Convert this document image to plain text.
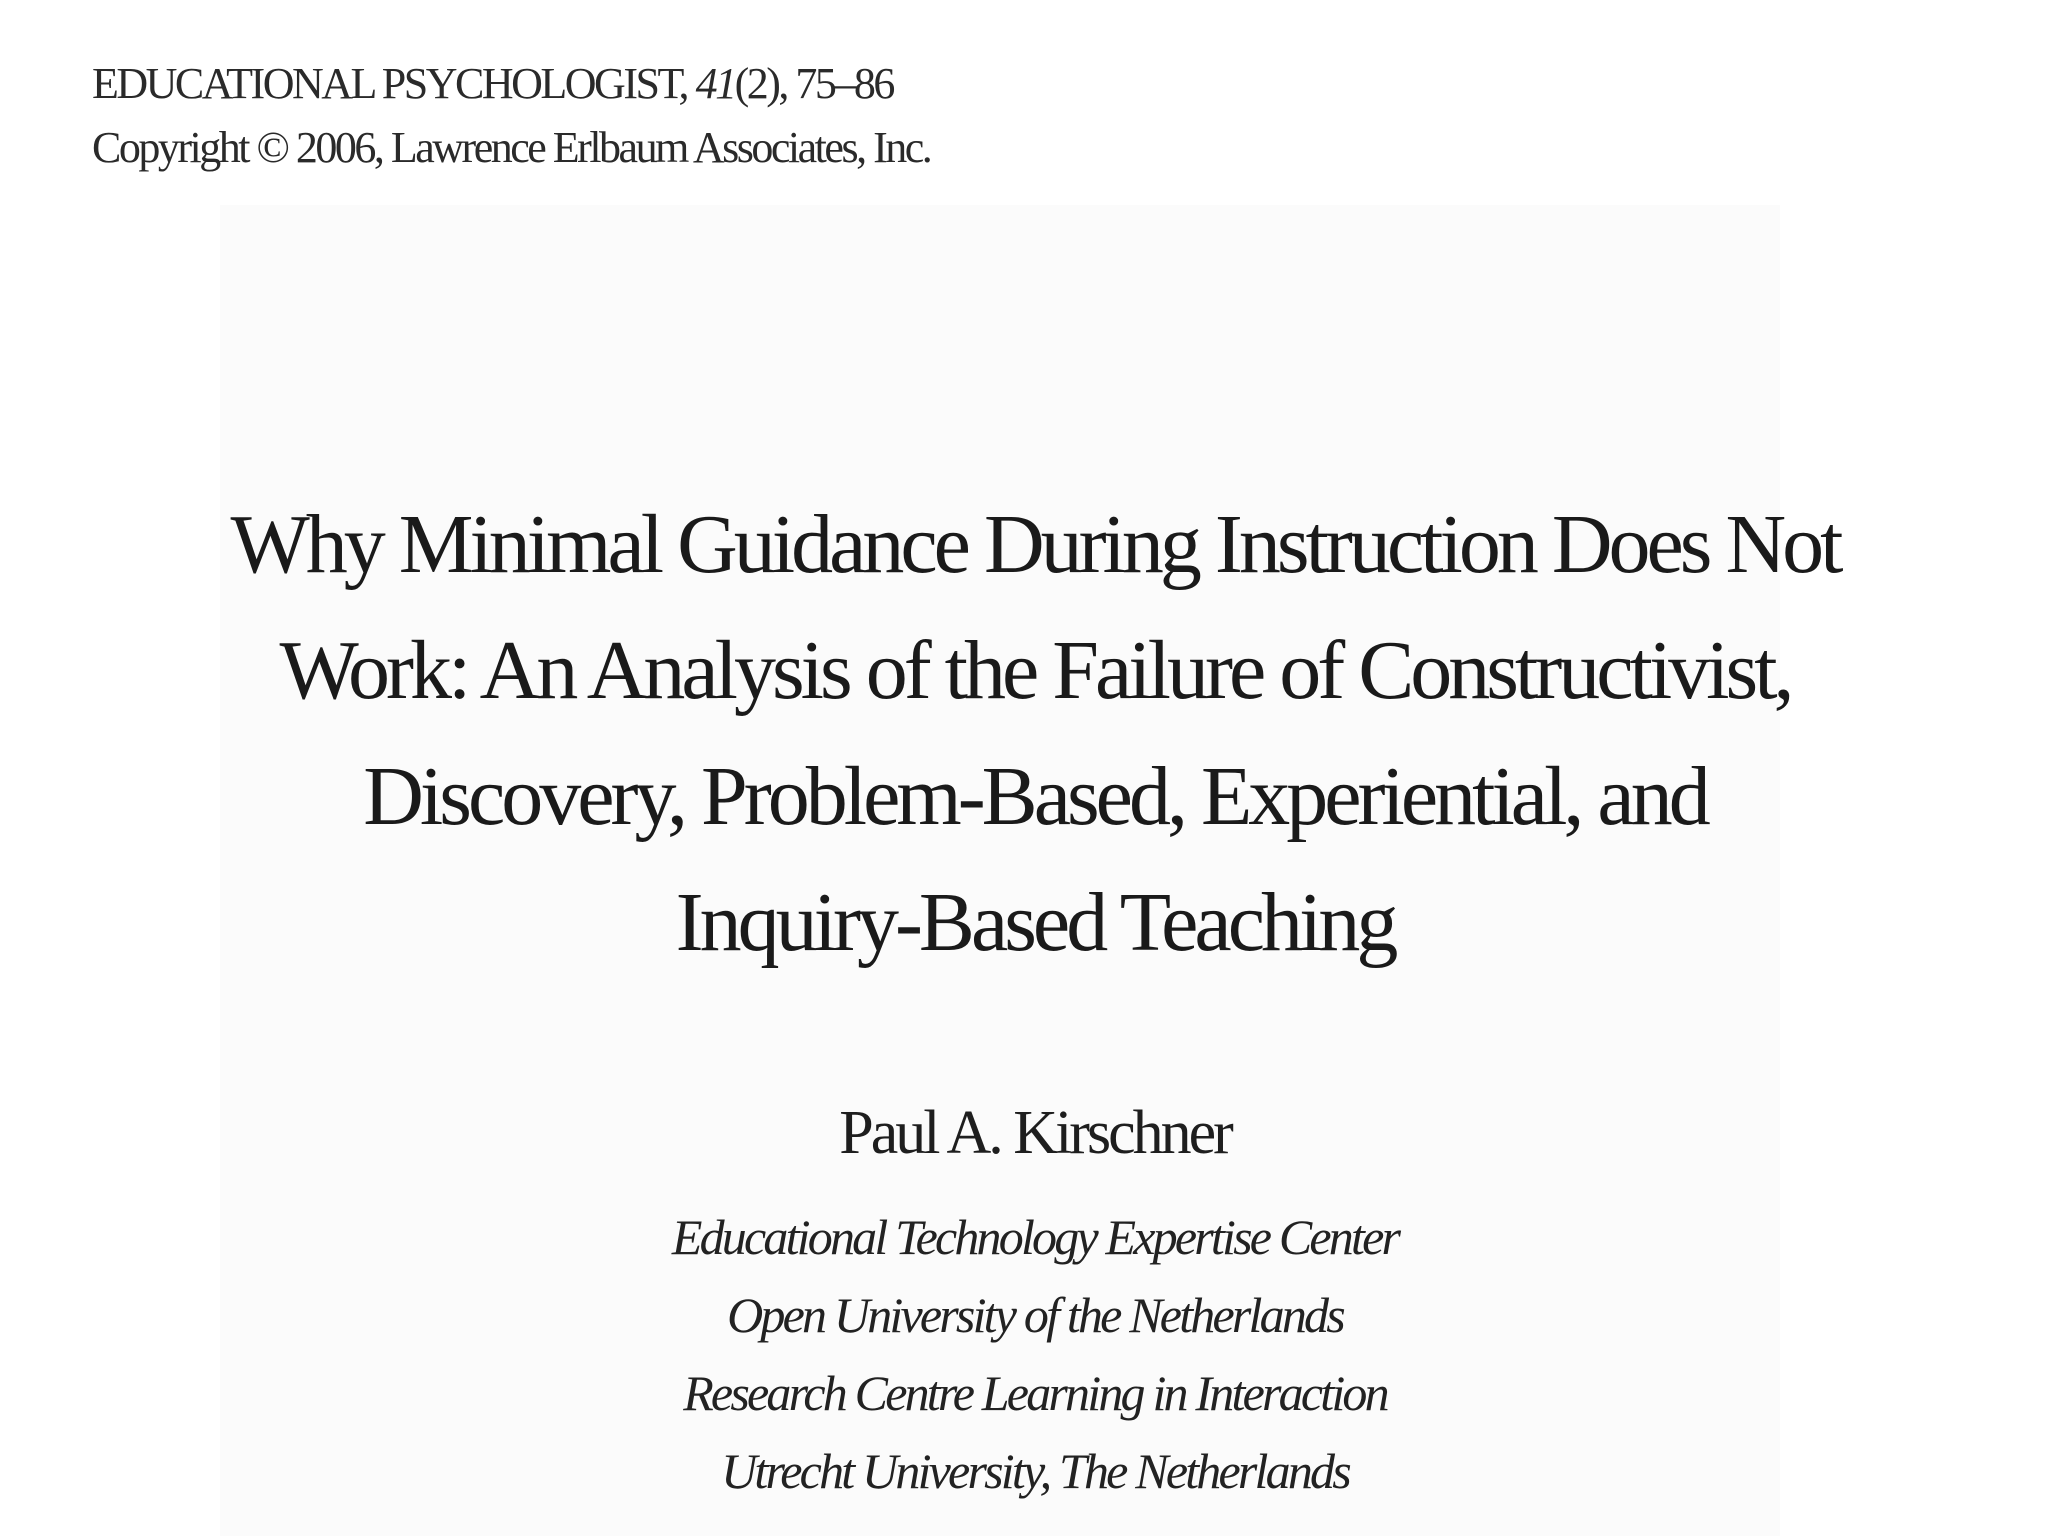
EDUCATIONAL PSYCHOLOGIST, 41(2), 75–86
Copyright © 2006, Lawrence Erlbaum Associates, Inc.
Why Minimal Guidance During Instruction Does Not
Work: An Analysis of the Failure of Constructivist,
Discovery, Problem-Based, Experiential, and
Inquiry-Based Teaching
Paul A. Kirschner
Educational Technology Expertise Center
Open University of the Netherlands
Research Centre Learning in Interaction
Utrecht University, The Netherlands
